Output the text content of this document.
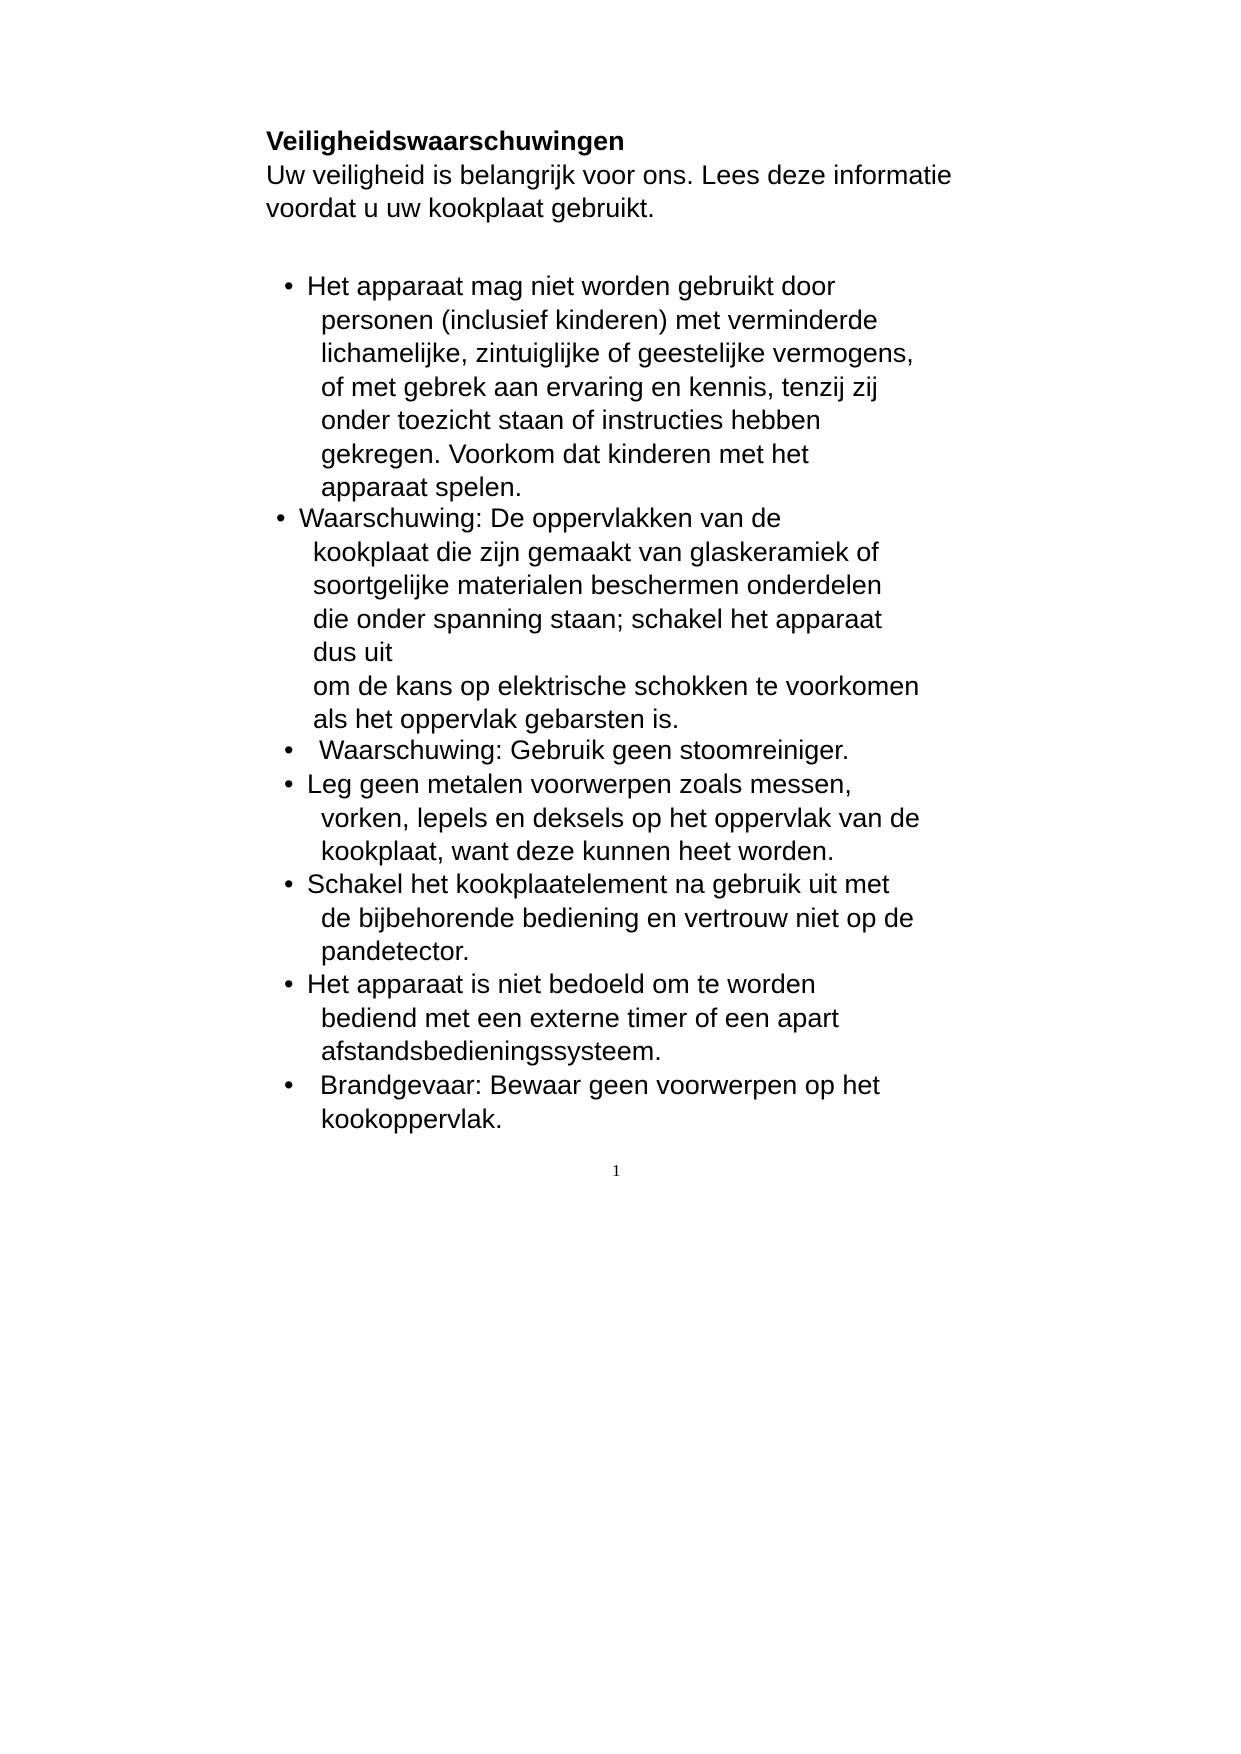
Veiligheidswaarschuwingen
Uw veiligheid is belangrijk voor ons. Lees deze informatie
voordat u uw kookplaat gebruikt.
• Het apparaat mag niet worden gebruikt door
personen (inclusief kinderen) met verminderde
lichamelijke, zintuiglijke of geestelijke vermogens,
of met gebrek aan ervaring en kennis, tenzij zij
onder toezicht staan of instructies hebben
gekregen. Voorkom dat kinderen met het
apparaat spelen.
• Waarschuwing: De oppervlakken van de
kookplaat die zijn gemaakt van glaskeramiek of
soortgelijke materialen beschermen onderdelen
die onder spanning staan; schakel het apparaat
dus uit
om de kans op elektrische schokken te voorkomen
als het oppervlak gebarsten is.
• Waarschuwing: Gebruik geen stoomreiniger.
• Leg geen metalen voorwerpen zoals messen,
vorken, lepels en deksels op het oppervlak van de
kookplaat, want deze kunnen heet worden.
• Schakel het kookplaatelement na gebruik uit met
de bijbehorende bediening en vertrouw niet op de
pandetector.
• Het apparaat is niet bedoeld om te worden
bediend met een externe timer of een apart
afstandsbedieningssysteem.
• Brandgevaar: Bewaar geen voorwerpen op het
kookoppervlak.
1
